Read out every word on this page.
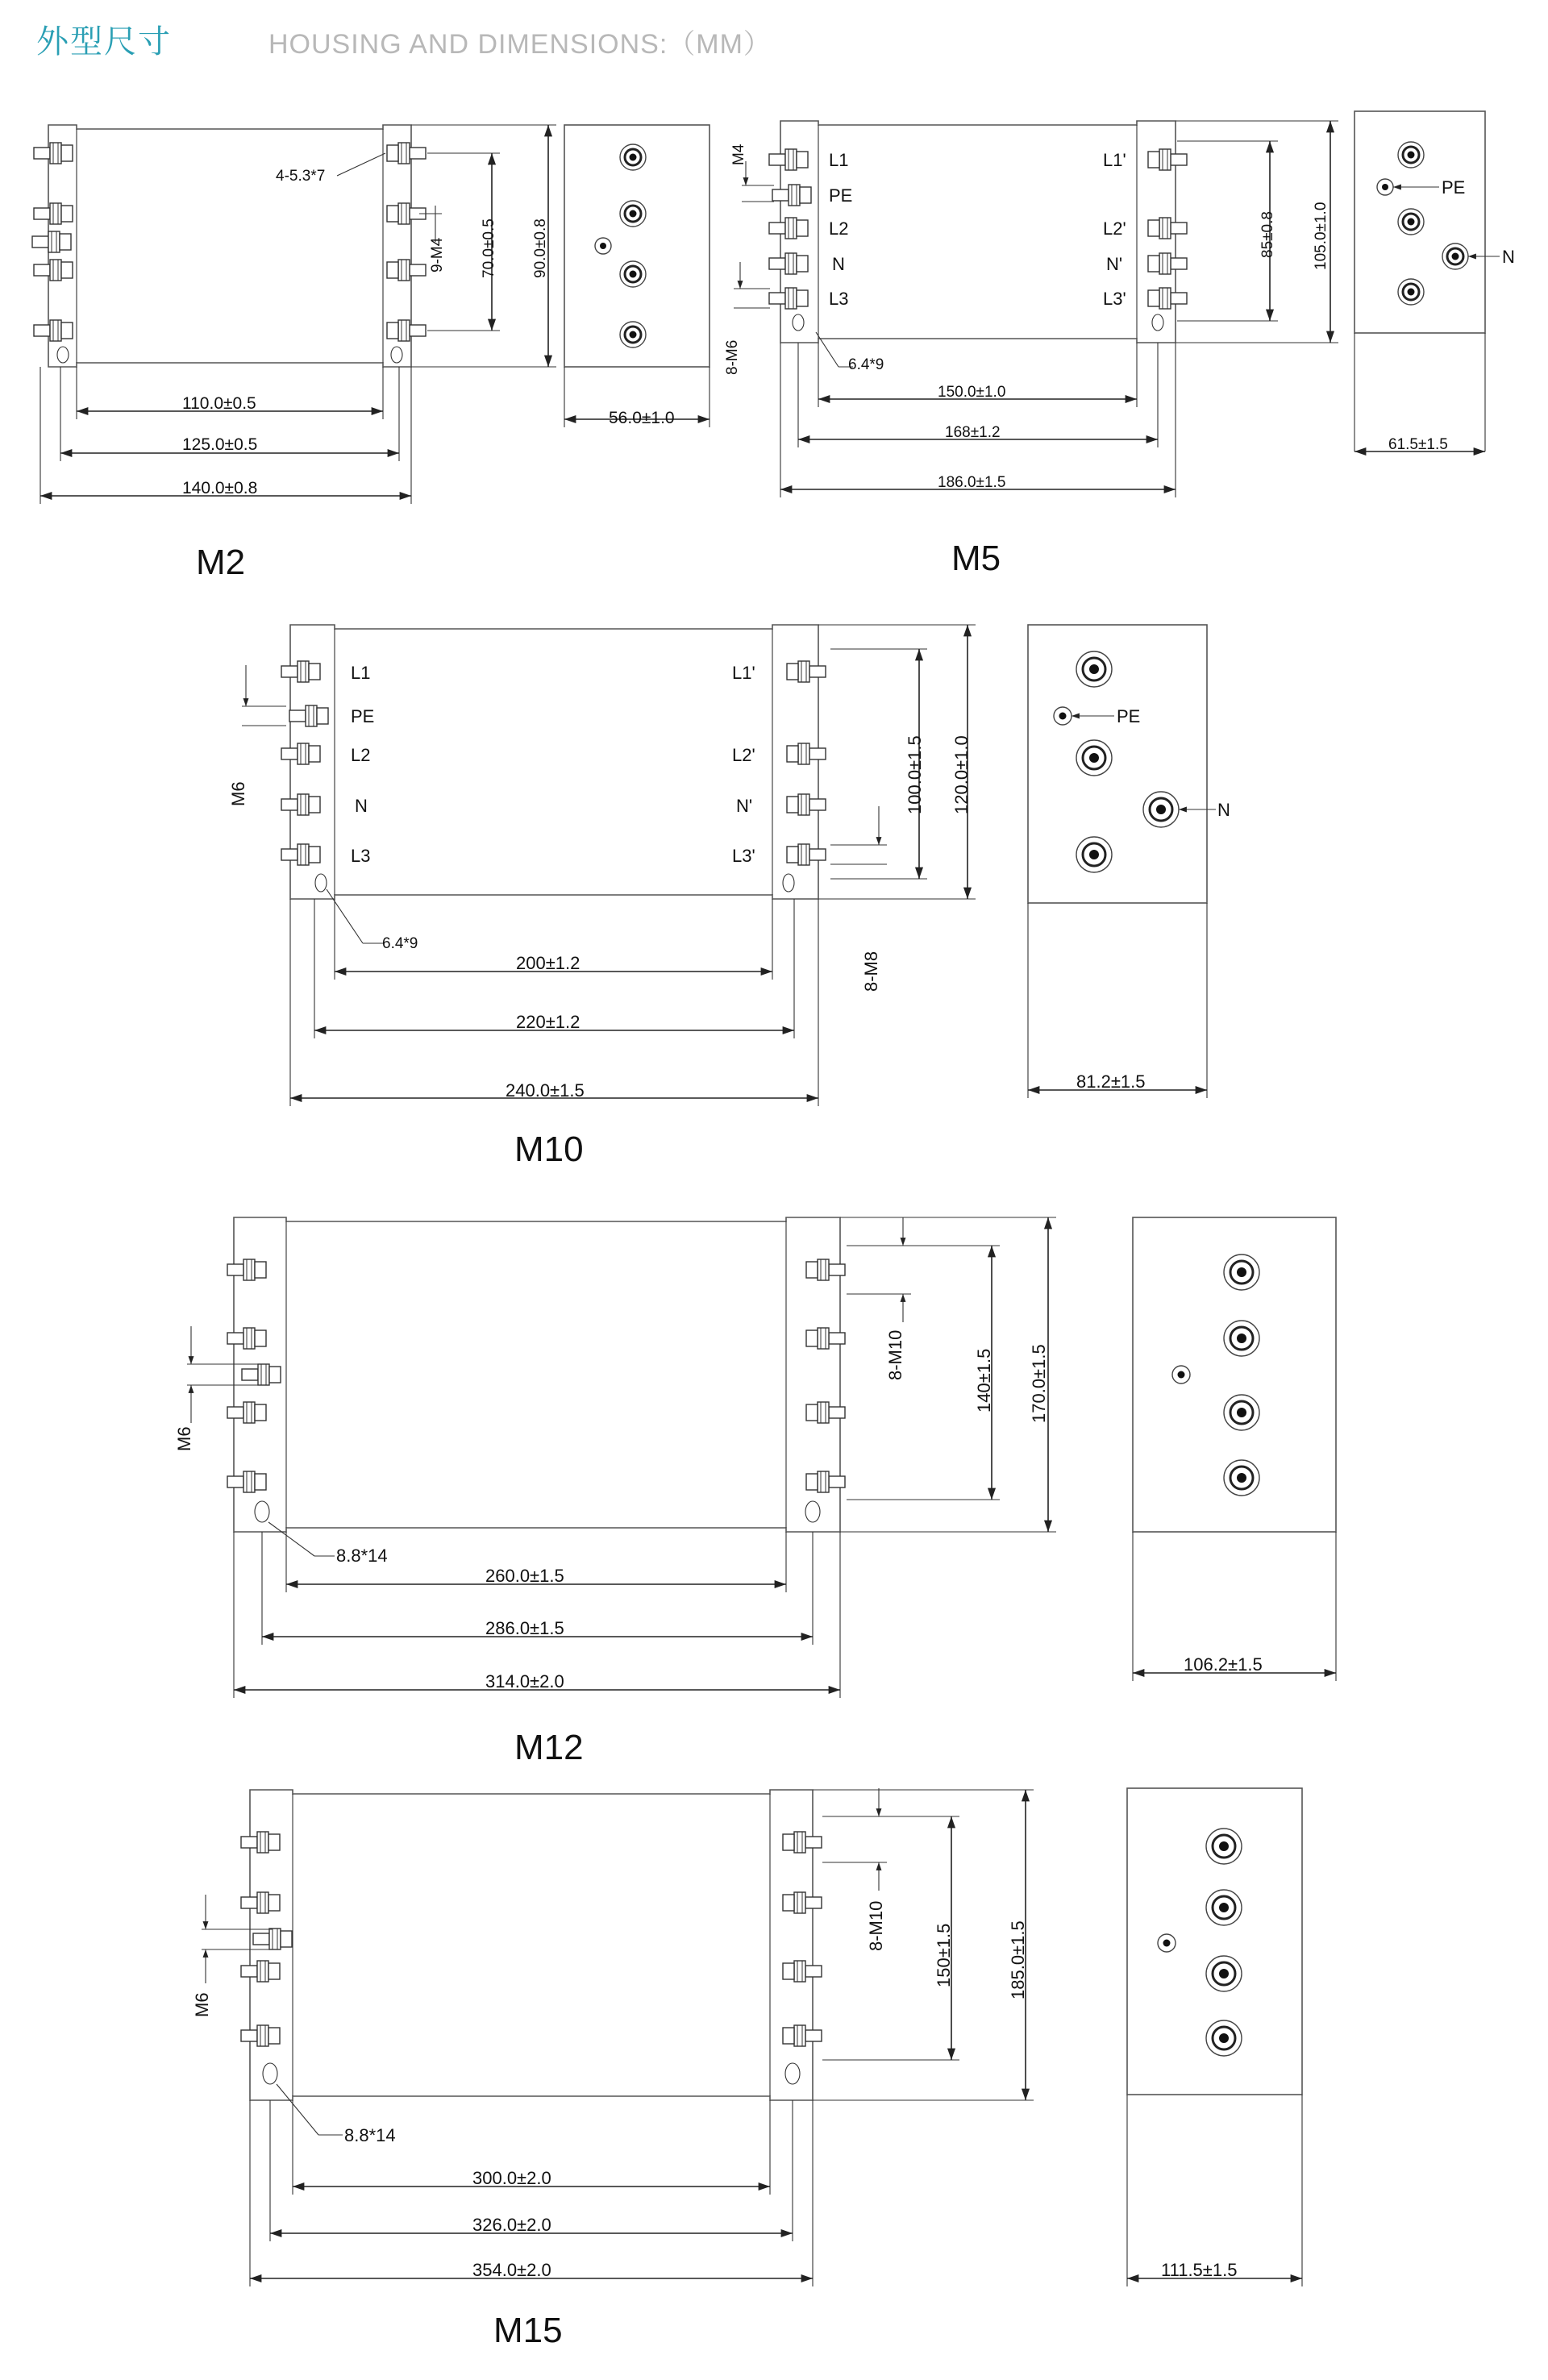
外型尺寸	HOUSING AND DIMENSIONS:（MM）
4-5.3*7
9-M4 70.0±0.5 90.0±0.8
110.0±0.5
125.0±0.5
140.0±0.8
56.0±1.0
M2
L1
PE
L2
N
L3
L1'
L2'
N'
L3'
M4
8-M6	6.4*9
85±0.8 105.0±1.0
150.0±1.0
168±1.2
186.0±1.5
PE
N
61.5±1.5
M5
L1
PE
L2
N
L3
L1'
L2'
N'
L3'
M6
8-M8
6.4*9
100.0±1.5 120.0±1.0
200±1.2
220±1.2
240.0±1.5
PE
N
81.2±1.5
M10
M6
8-M10
8.8*14
140±1.5 170.0±1.5
260.0±1.5
286.0±1.5
314.0±2.0
106.2±1.5
M12
M6
8-M10
8.8*14
150±1.5	185.0±1.5
300.0±2.0
326.0±2.0
354.0±2.0	111.5±1.5
M15
